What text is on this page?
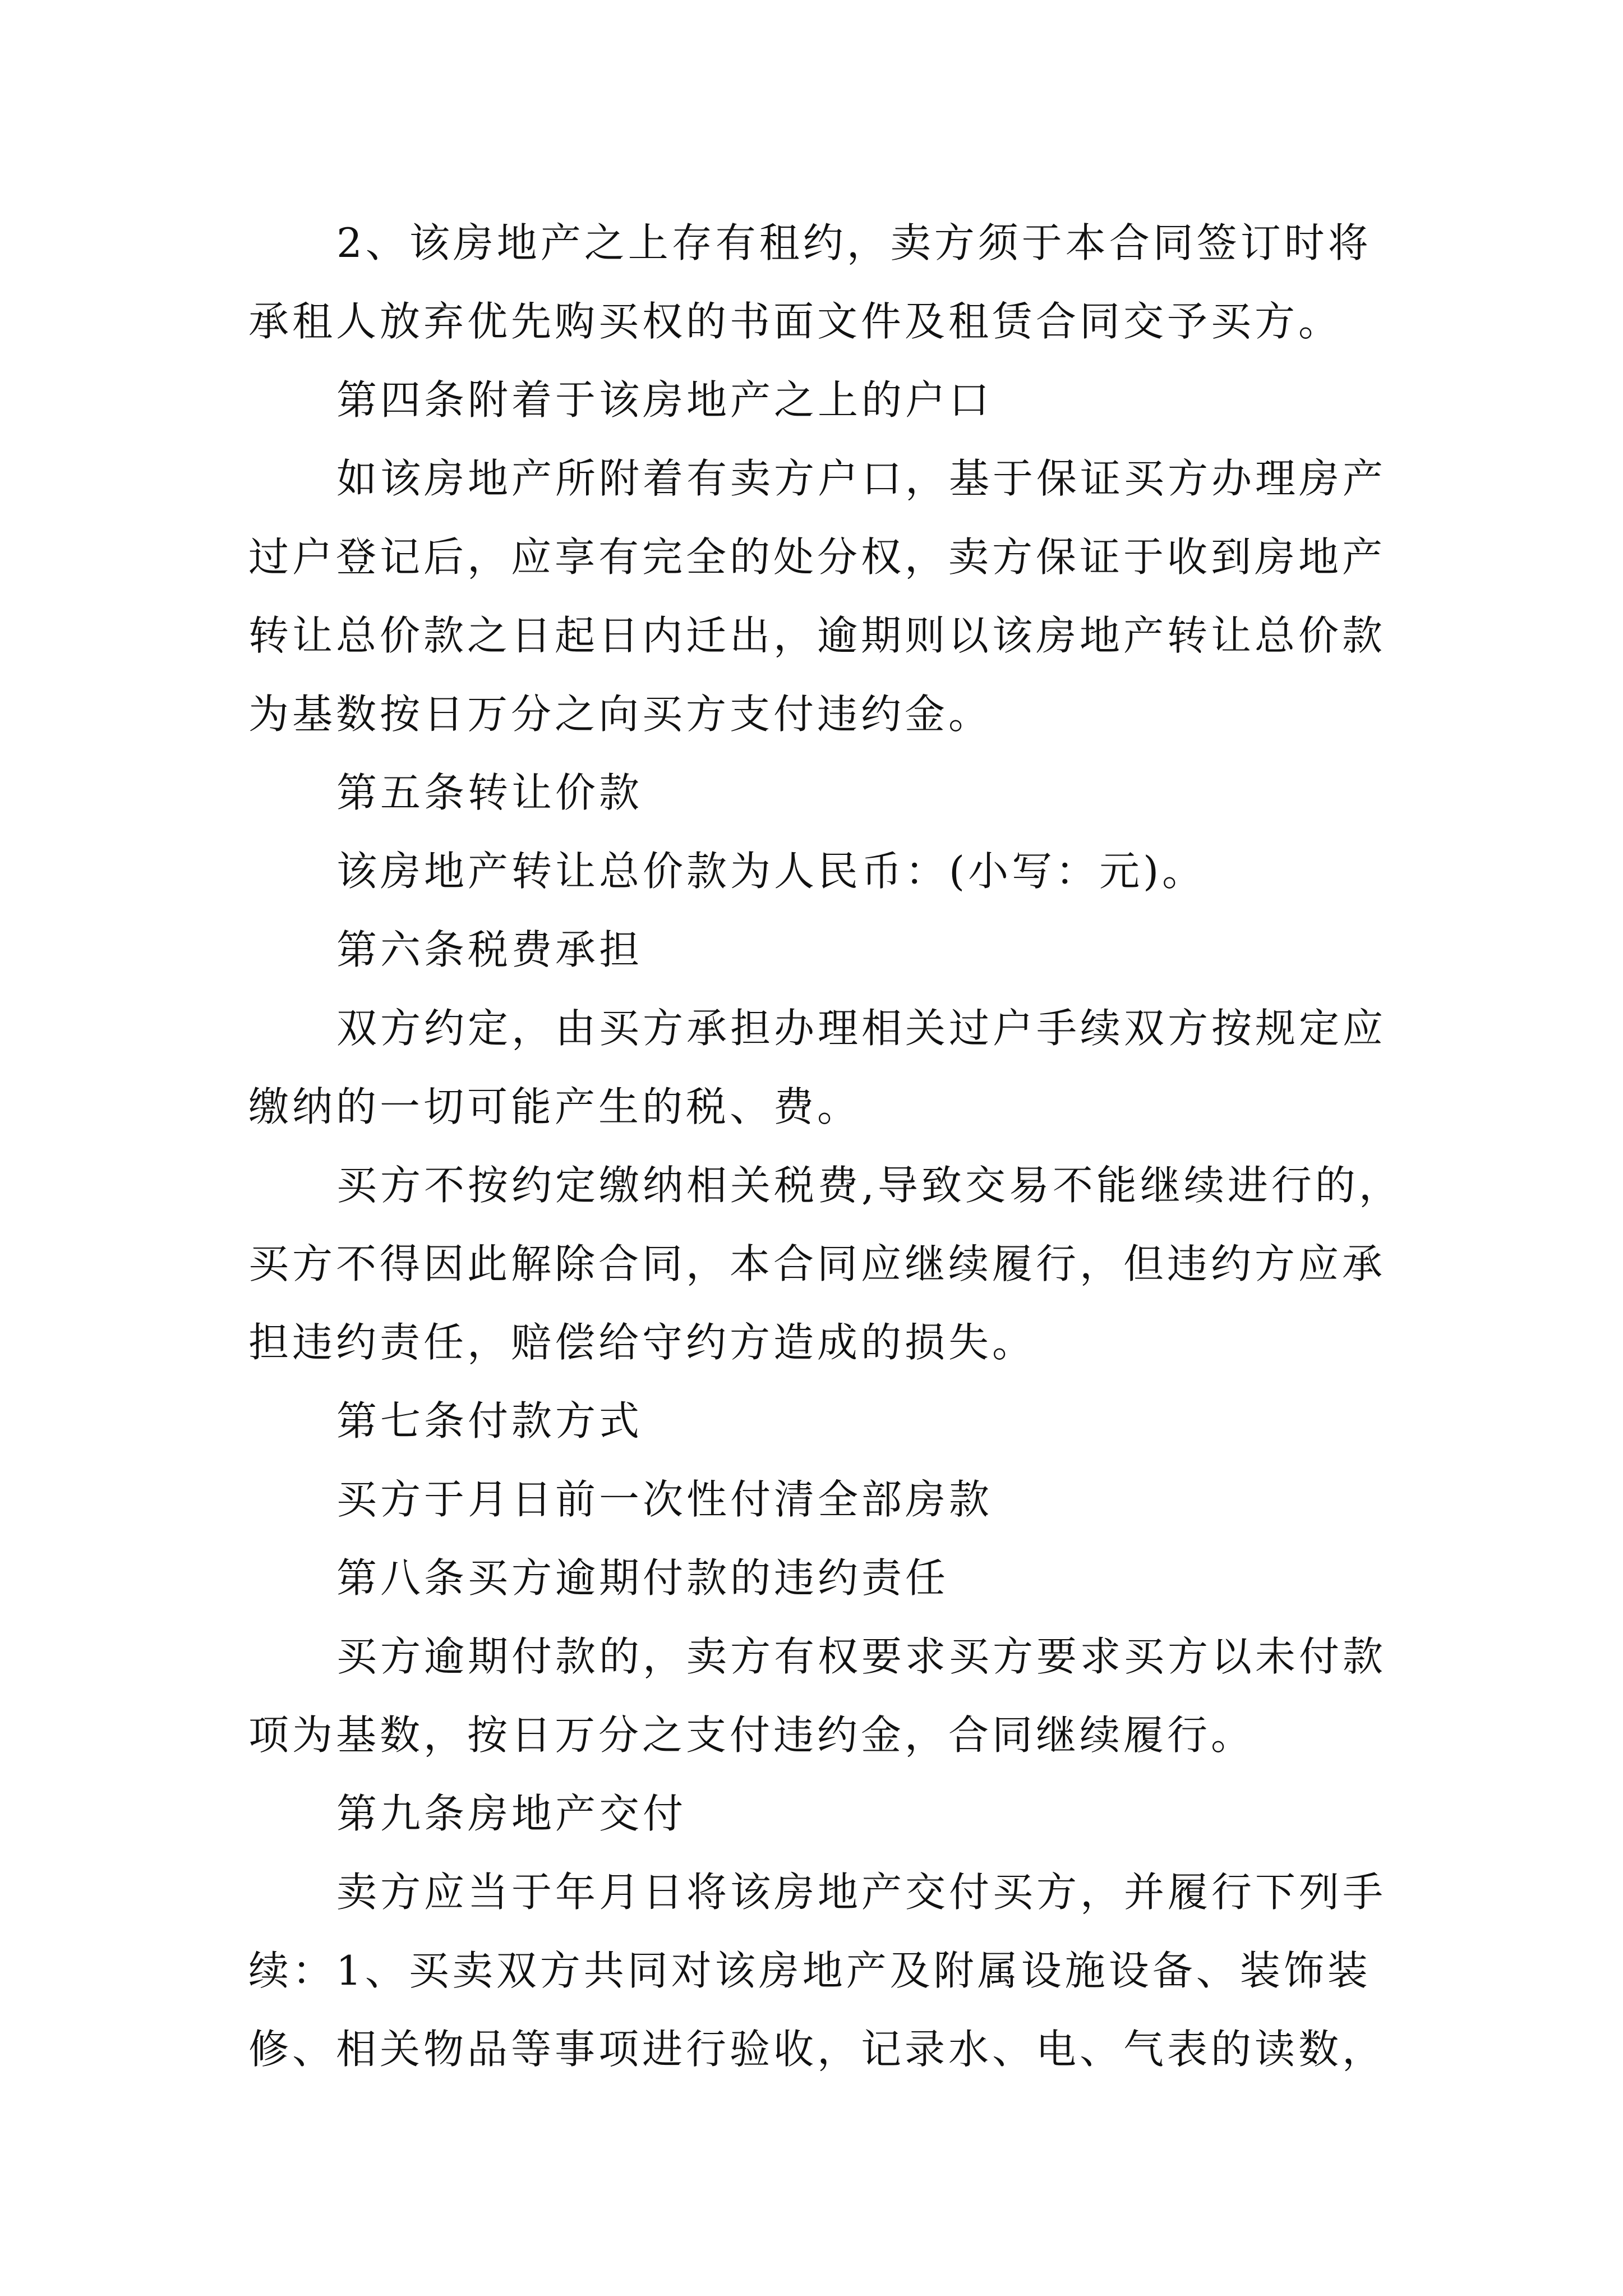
2、该房地产之上存有租约，卖方须于本合同签订时将
承租人放弃优先购买权的书面文件及租赁合同交予买方。
第四条附着于该房地产之上的户口
如该房地产所附着有卖方户口，基于保证买方办理房产
过户登记后，应享有完全的处分权，卖方保证于收到房地产
转让总价款之日起日内迁出，逾期则以该房地产转让总价款
为基数按日万分之向买方支付违约金。
第五条转让价款
该房地产转让总价款为人民币：(小写：元)。
第六条税费承担
双方约定，由买方承担办理相关过户手续双方按规定应
缴纳的一切可能产生的税、费。
买方不按约定缴纳相关税费,导致交易不能继续进行的，
买方不得因此解除合同，本合同应继续履行，但违约方应承
担违约责任，赔偿给守约方造成的损失。
第七条付款方式
买方于月日前一次性付清全部房款
第八条买方逾期付款的违约责任
买方逾期付款的，卖方有权要求买方要求买方以未付款
项为基数，按日万分之支付违约金，合同继续履行。
第九条房地产交付
卖方应当于年月日将该房地产交付买方，并履行下列手
续：1、买卖双方共同对该房地产及附属设施设备、装饰装
修、相关物品等事项进行验收，记录水、电、气表的读数，
